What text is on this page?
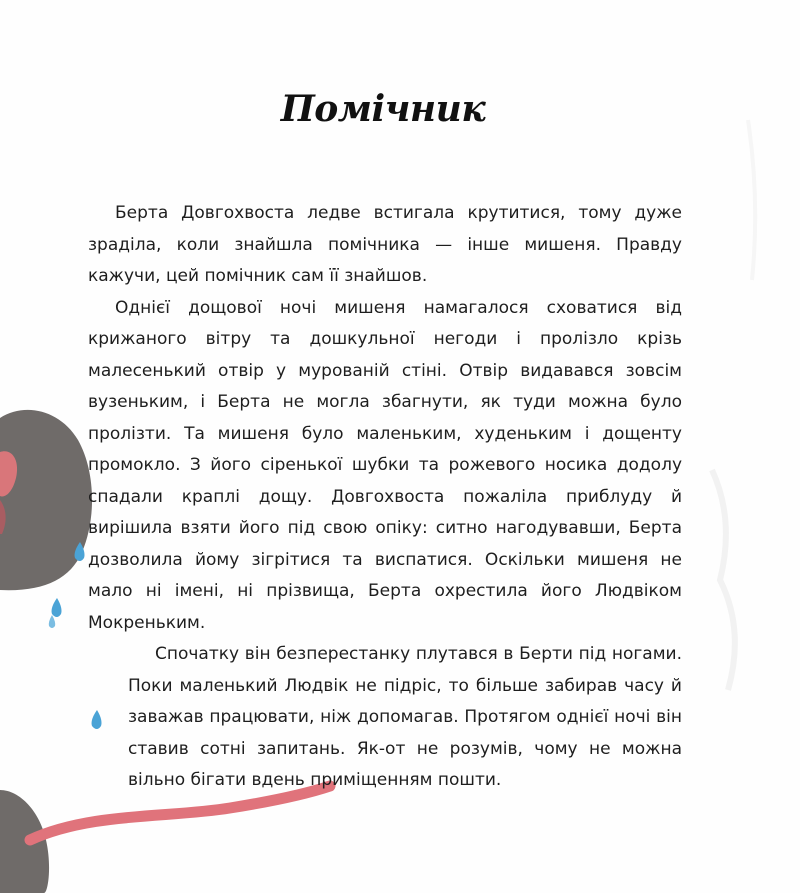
Помічник

Берта Довгохвоста ледве встигала крутитися, тому дуже зраділа, коли знайшла помічника — інше мишеня. Правду кажучи, цей помічник сам її знайшов.

Однієї дощової ночі мишеня намагалося сховатися від крижаного вітру та дошкульної негоди і пролізло крізь малесенький отвір у мурованій стіні. Отвір видавався зовсім вузеньким, і Берта не могла збагнути, як туди можна було пролізти. Та мишеня було маленьким, худеньким і дощенту промокло. З його сіренької шубки та рожевого носика додолу спадали краплі дощу. Довгохвоста пожаліла приблуду й вирішила взяти його під свою опіку: ситно нагодувавши, Берта дозволила йому зігрітися та виспатися. Оскільки мишеня не мало ні імені, ні прізвища, Берта охрестила його Людвіком Мокреньким.

Спочатку він безперестанку плутався в Берти під ногами. Поки маленький Людвік не підріс, то більше забирав часу й заважав працювати, ніж допомагав. Протягом однієї ночі він ставив сотні запитань. Як-от не розумів, чому не можна вільно бігати вдень приміщенням пошти.
